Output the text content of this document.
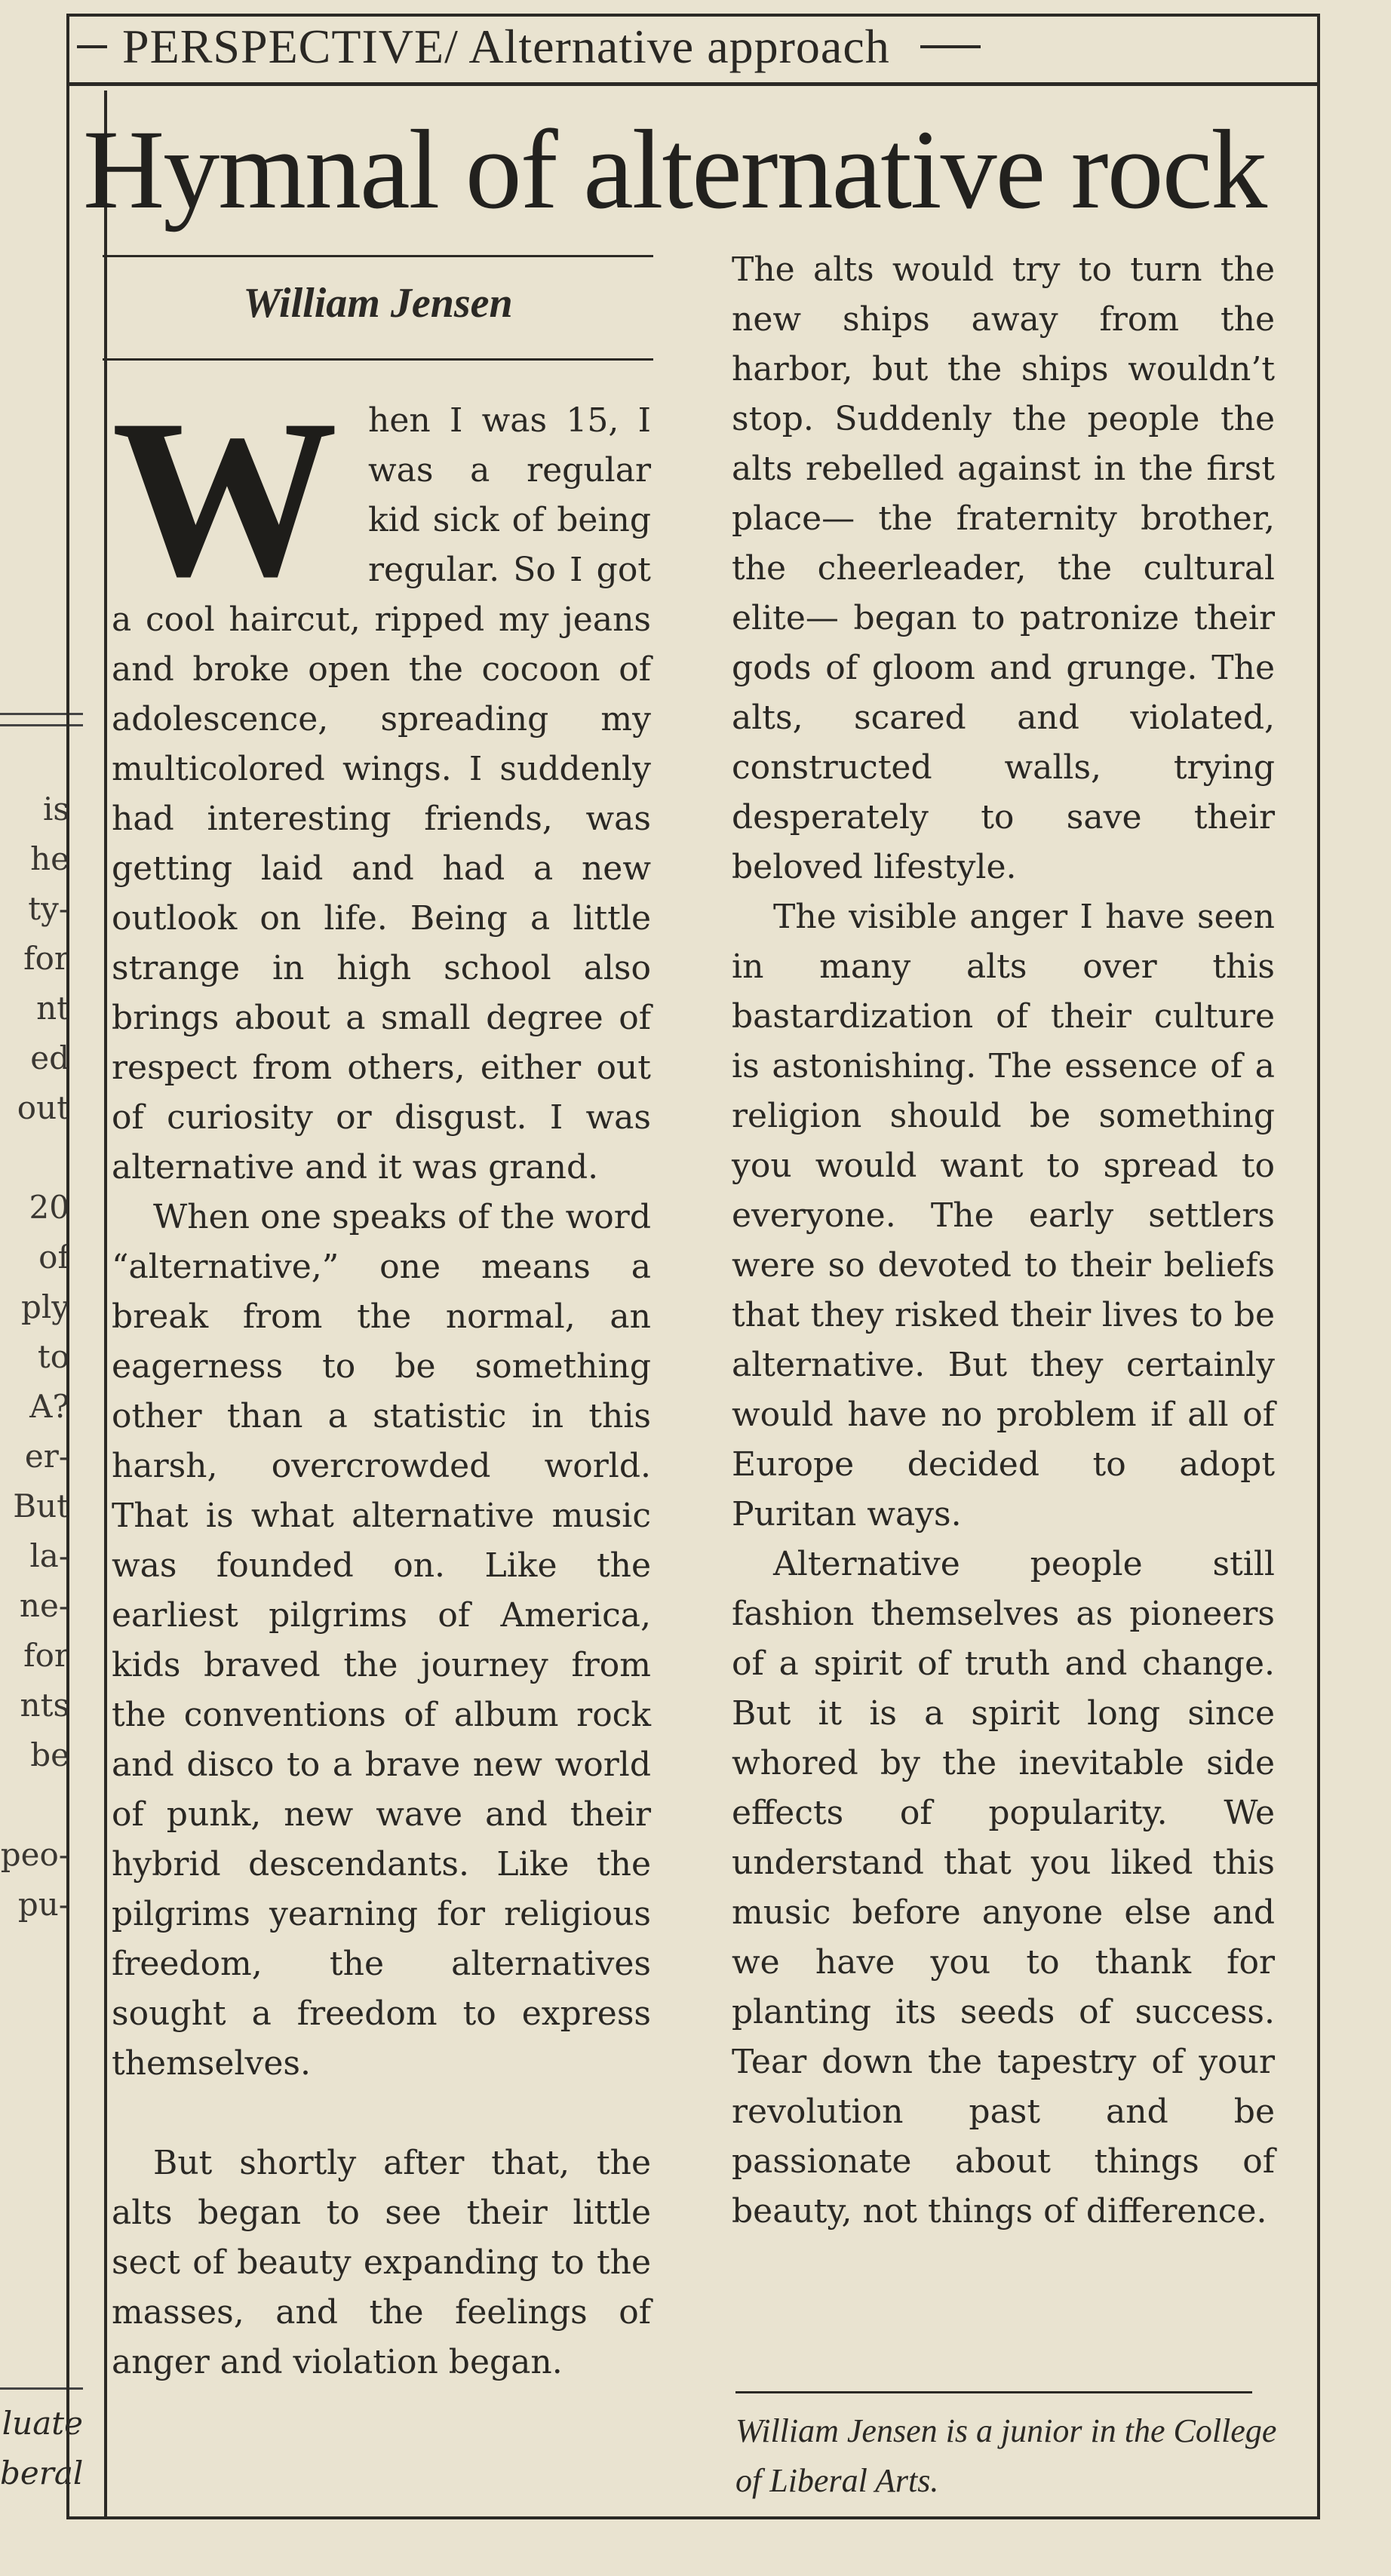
is
he
ty-
for
nt
ed
out

20
of
ply
to
A?
er-
But
la-
ne-
for
nts
be

peo-
pu-
luate
beral
PERSPECTIVE/ Alternative approach
Hymnal of alternative rock
William Jensen

W hen I was 15, I was a regular kid sick of being regular. So I got a cool haircut, ripped my jeans and broke open the cocoon of adolescence, spreading my multicolored wings. I suddenly had interesting friends, was getting laid and had a new outlook on life. Being a little strange in high school also brings about a small degree of respect from others, either out of curiosity or disgust. I was alternative and it was grand.

When one speaks of the word “alternative,” one means a break from the normal, an eagerness to be something other than a statistic in this harsh, overcrowded world. That is what alternative music was founded on. Like the earliest pilgrims of America, kids braved the journey from the conventions of album rock and disco to a brave new world of punk, new wave and their hybrid descendants. Like the pilgrims yearning for religious freedom, the alternatives sought a freedom to express themselves.

But shortly after that, the alts began to see their little sect of beauty expanding to the masses, and the feelings of anger and violation began.

The alts would try to turn the new ships away from the harbor, but the ships wouldn’t stop. Suddenly the people the alts rebelled against in the first place— the fraternity brother, the cheerleader, the cultural elite— began to patronize their gods of gloom and grunge. The alts, scared and violated, constructed walls, trying desperately to save their beloved lifestyle.

The visible anger I have seen in many alts over this bastardization of their culture is astonishing. The essence of a religion should be something you would want to spread to everyone. The early settlers were so devoted to their beliefs that they risked their lives to be alternative. But they certainly would have no problem if all of Europe decided to adopt Puritan ways.

Alternative people still fashion themselves as pioneers of a spirit of truth and change. But it is a spirit long since whored by the inevitable side effects of popularity. We understand that you liked this music before anyone else and we have you to thank for planting its seeds of success. Tear down the tapestry of your revolution past and be passionate about things of beauty, not things of difference.

William Jensen is a junior in the College of Liberal Arts.
